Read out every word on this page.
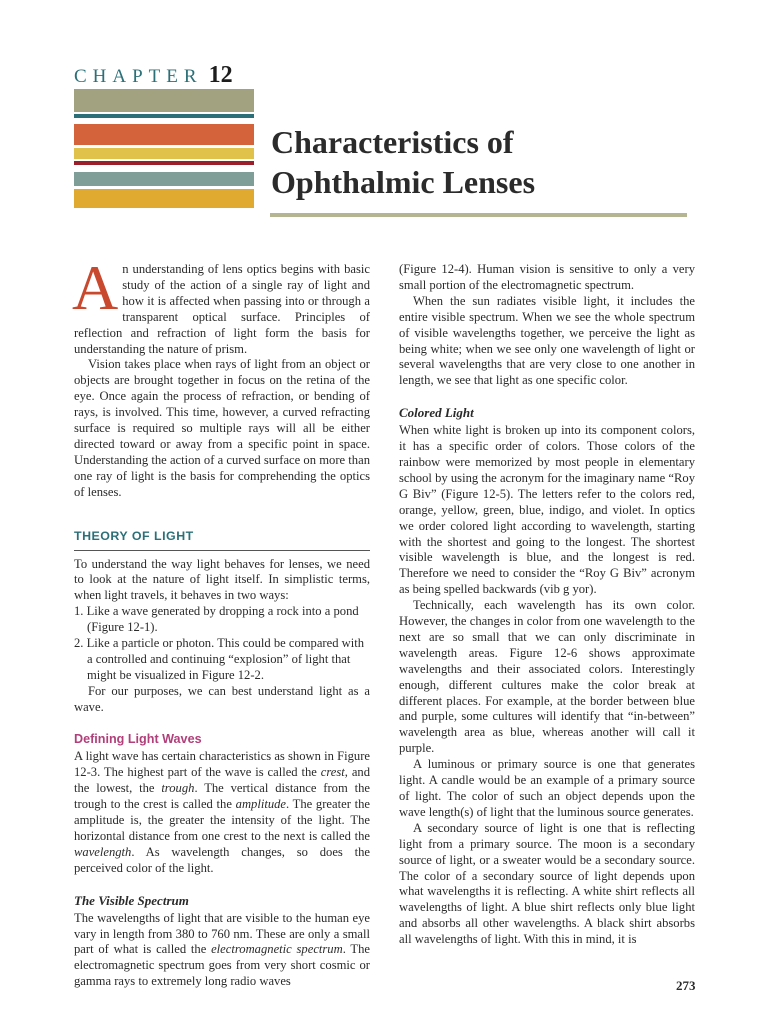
CHAPTER 12
Characteristics of
Ophthalmic Lenses

An understanding of lens optics begins with basic study of the action of a single ray of light and how it is affected when passing into or through a transparent optical surface. Principles of reflection and refraction of light form the basis for understanding the nature of prism.

Vision takes place when rays of light from an object or objects are brought together in focus on the retina of the eye. Once again the process of refraction, or bending of rays, is involved. This time, however, a curved refracting surface is required so multiple rays will all be either directed toward or away from a specific point in space. Understanding the action of a curved surface on more than one ray of light is the basis for comprehending the optics of lenses.

THEORY OF LIGHT

To understand the way light behaves for lenses, we need to look at the nature of light itself. In simplistic terms, when light travels, it behaves in two ways:

1. Like a wave generated by dropping a rock into a pond (Figure 12-1).
2. Like a particle or photon. This could be compared with a controlled and continuing “explosion” of light that might be visualized in Figure 12-2.

For our purposes, we can best understand light as a wave.

Defining Light Waves

A light wave has certain characteristics as shown in Figure 12-3. The highest part of the wave is called the crest, and the lowest, the trough. The vertical distance from the trough to the crest is called the amplitude. The greater the amplitude is, the greater the intensity of the light. The horizontal distance from one crest to the next is called the wavelength. As wavelength changes, so does the perceived color of the light.

The Visible Spectrum

The wavelengths of light that are visible to the human eye vary in length from 380 to 760 nm. These are only a small part of what is called the electromagnetic spectrum. The electromagnetic spectrum goes from very short cosmic or gamma rays to extremely long radio waves

(Figure 12-4). Human vision is sensitive to only a very small portion of the electromagnetic spectrum.

When the sun radiates visible light, it includes the entire visible spectrum. When we see the whole spectrum of visible wavelengths together, we perceive the light as being white; when we see only one wavelength of light or several wavelengths that are very close to one another in length, we see that light as one specific color.

Colored Light

When white light is broken up into its component colors, it has a specific order of colors. Those colors of the rainbow were memorized by most people in elementary school by using the acronym for the imaginary name “Roy G Biv” (Figure 12-5). The letters refer to the colors red, orange, yellow, green, blue, indigo, and violet. In optics we order colored light according to wavelength, starting with the shortest and going to the longest. The shortest visible wavelength is blue, and the longest is red. Therefore we need to consider the “Roy G Biv” acronym as being spelled backwards (vib g yor).

Technically, each wavelength has its own color. However, the changes in color from one wavelength to the next are so small that we can only discriminate in wavelength areas. Figure 12-6 shows approximate wavelengths and their associated colors. Interestingly enough, different cultures make the color break at different places. For example, at the border between blue and purple, some cultures will identify that “in-between” wavelength area as blue, whereas another will call it purple.

A luminous or primary source is one that generates light. A candle would be an example of a primary source of light. The color of such an object depends upon the wave length(s) of light that the luminous source generates.

A secondary source of light is one that is reflecting light from a primary source. The moon is a secondary source of light, or a sweater would be a secondary source. The color of a secondary source of light depends upon what wavelengths it is reflecting. A white shirt reflects all wavelengths of light. A blue shirt reflects only blue light and absorbs all other wavelengths. A black shirt absorbs all wavelengths of light. With this in mind, it is

273
